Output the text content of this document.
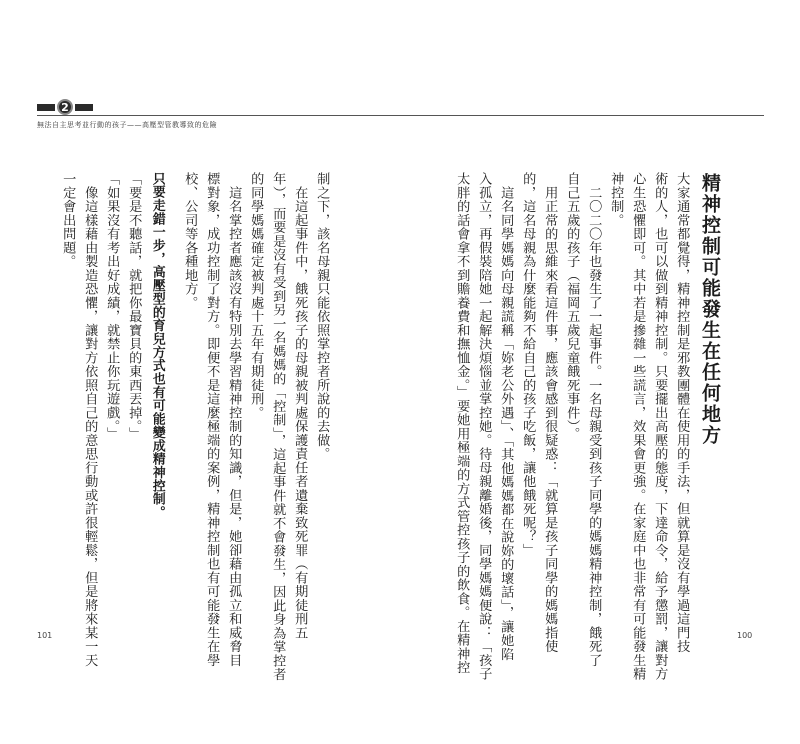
2
無法自主思考並行動的孩子——高壓型管教導致的危險
精神控制可能發生在任何地方
大家通常都覺得，精神控制是邪教團體在使用的手法，但就算是沒有學過這門技
術的人，也可以做到精神控制。只要擺出高壓的態度，下達命令，給予懲罰，讓對方
心生恐懼即可。其中若是摻雜一些謊言，效果會更強。在家庭中也非常有可能發生精
神控制。
　二〇二〇年也發生了一起事件。一名母親受到孩子同學的媽媽精神控制，餓死了
自己五歲的孩子（福岡五歲兒童餓死事件）。
　用正常的思維來看這件事，應該會感到很疑惑：「就算是孩子同學的媽媽指使
的，這名母親為什麼能夠不給自己的孩子吃飯，讓他餓死呢？」
　這名同學媽媽向母親謊稱「妳老公外遇」、「其他媽媽都在說妳的壞話」，讓她陷
入孤立，再假裝陪她一起解決煩惱並掌控她。待母親離婚後，同學媽媽便說：「孩子
太胖的話會拿不到贍養費和撫恤金。」要她用極端的方式管控孩子的飲食。在精神控	100
制之下，該名母親只能依照掌控者所說的去做。
　在這起事件中，餓死孩子的母親被判處保護責任者遺棄致死罪（有期徒刑五
年），而要是沒有受到另一名媽媽的「控制」，這起事件就不會發生，因此身為掌控者
的同學媽媽確定被判處十五年有期徒刑。
　這名掌控者應該沒有特別去學習精神控制的知識，但是，她卻藉由孤立和威脅目
標對象，成功控制了對方。即便不是這麼極端的案例，精神控制也有可能發生在學
校、公司等各種地方。
只要走錯一步，高壓型的育兒方式也有可能變成精神控制。
「要是不聽話，就把你最寶貝的東西丟掉。」
「如果沒有考出好成績，就禁止你玩遊戲。」
　像這樣藉由製造恐懼，讓對方依照自己的意思行動或許很輕鬆，但是將來某一天
一定會出問題。
101
